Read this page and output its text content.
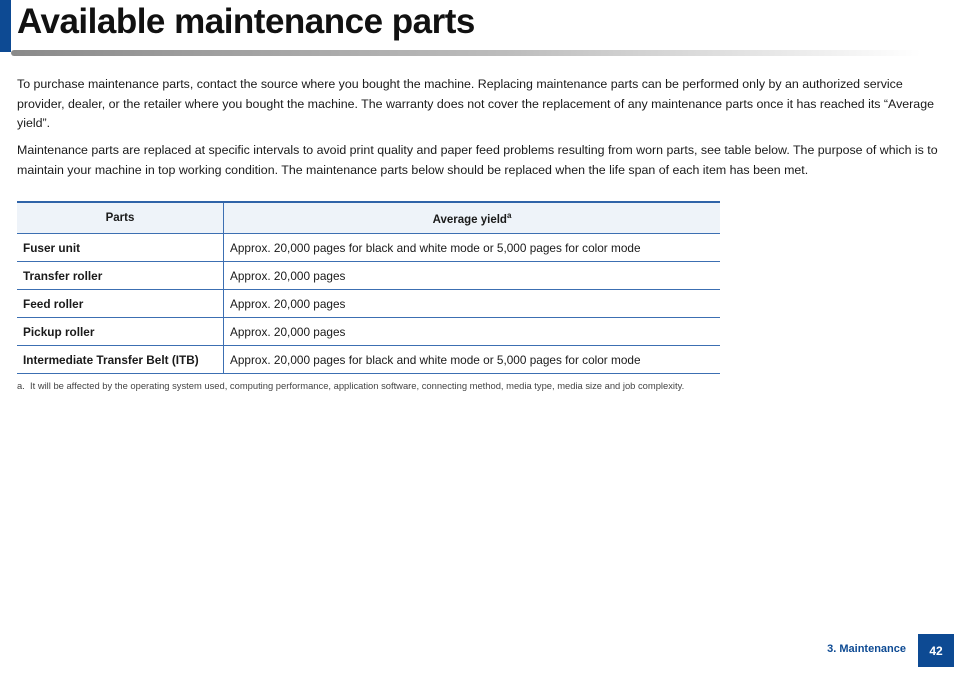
Available maintenance parts

To purchase maintenance parts, contact the source where you bought the machine. Replacing maintenance parts can be performed only by an authorized service provider, dealer, or the retailer where you bought the machine. The warranty does not cover the replacement of any maintenance parts once it has reached its “Average yield”.

Maintenance parts are replaced at specific intervals to avoid print quality and paper feed problems resulting from worn parts, see table below. The purpose of which is to maintain your machine in top working condition. The maintenance parts below should be replaced when the life span of each item has been met.

Parts	Average yield$^a$
Fuser unit	Approx. 20,000 pages for black and white mode or 5,000 pages for color mode
Transfer roller	Approx. 20,000 pages
Feed roller	Approx. 20,000 pages
Pickup roller	Approx. 20,000 pages
Intermediate Transfer Belt (ITB)	Approx. 20,000 pages for black and white mode or 5,000 pages for color mode
a. It will be affected by the operating system used, computing performance, application software, connecting method, media type, media size and job complexity.
3. Maintenance	42
